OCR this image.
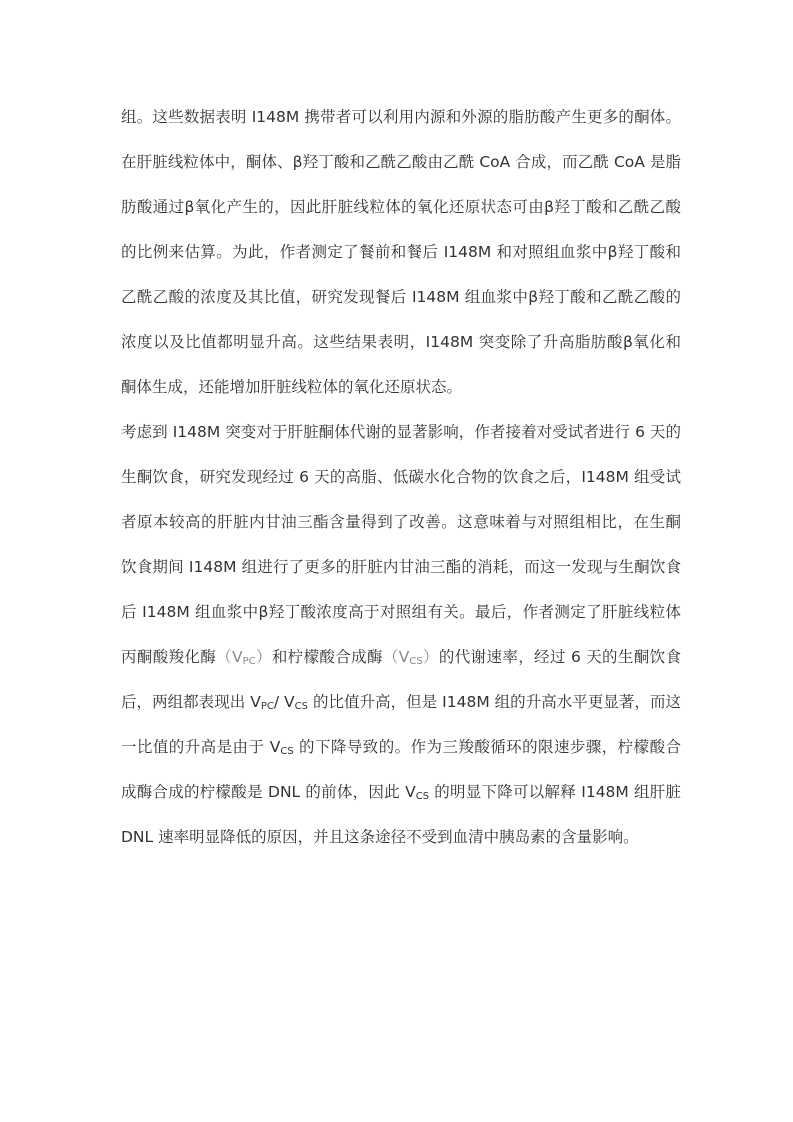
组。这些数据表明 I148M 携带者可以利用内源和外源的脂肪酸产生更多的酮体。
在肝脏线粒体中，酮体、β羟丁酸和乙酰乙酸由乙酰 CoA 合成，而乙酰 CoA 是脂
肪酸通过β氧化产生的，因此肝脏线粒体的氧化还原状态可由β羟丁酸和乙酰乙酸
的比例来估算。为此，作者测定了餐前和餐后 I148M 和对照组血浆中β羟丁酸和
乙酰乙酸的浓度及其比值，研究发现餐后 I148M 组血浆中β羟丁酸和乙酰乙酸的
浓度以及比值都明显升高。这些结果表明，I148M 突变除了升高脂肪酸β氧化和
酮体生成，还能增加肝脏线粒体的氧化还原状态。
考虑到 I148M 突变对于肝脏酮体代谢的显著影响，作者接着对受试者进行 6 天的
生酮饮食，研究发现经过 6 天的高脂、低碳水化合物的饮食之后，I148M 组受试
者原本较高的肝脏内甘油三酯含量得到了改善。这意味着与对照组相比，在生酮
饮食期间 I148M 组进行了更多的肝脏内甘油三酯的消耗，而这一发现与生酮饮食
后 I148M 组血浆中β羟丁酸浓度高于对照组有关。最后，作者测定了肝脏线粒体
丙酮酸羧化酶$(V_{PC})$和柠檬酸合成酶$(V_{CS})$的代谢速率，经过 6 天的生酮饮食
后，两组都表现出 $V_{PC}/$ $V_{CS}$ 的比值升高，但是 I148M 组的升高水平更显著，而这
一比值的升高是由于 $V_{CS}$ 的下降导致的。作为三羧酸循环的限速步骤，柠檬酸合
成酶合成的柠檬酸是 DNL 的前体，因此 $V_{CS}$ 的明显下降可以解释 I148M 组肝脏
DNL 速率明显降低的原因，并且这条途径不受到血清中胰岛素的含量影响。
